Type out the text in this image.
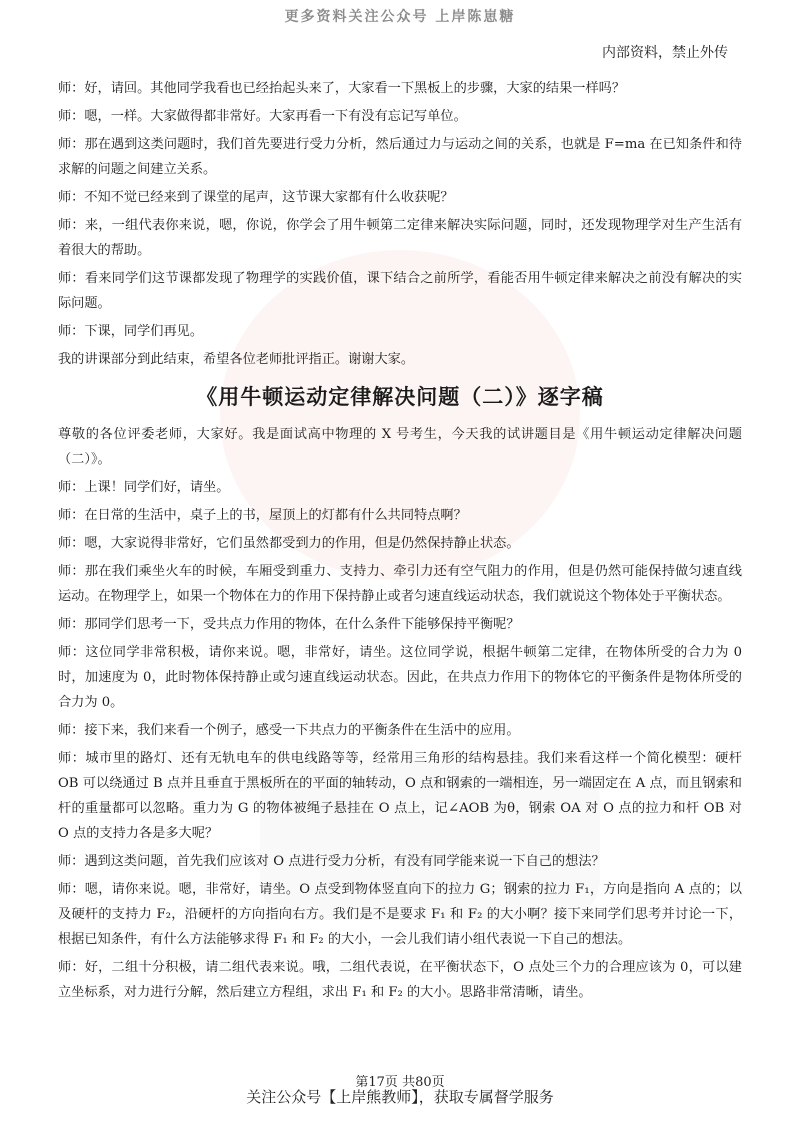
更多资料关注公众号 上岸陈崽糖
内部资料，禁止外传

师：好，请回。其他同学我看也已经抬起头来了，大家看一下黑板上的步骤，大家的结果一样吗？

师：嗯，一样。大家做得都非常好。大家再看一下有没有忘记写单位。

师：那在遇到这类问题时，我们首先要进行受力分析，然后通过力与运动之间的关系，也就是 F=ma 在已知条件和待求解的问题之间建立关系。

师：不知不觉已经来到了课堂的尾声，这节课大家都有什么收获呢？

师：来，一组代表你来说，嗯，你说，你学会了用牛顿第二定律来解决实际问题，同时，还发现物理学对生产生活有着很大的帮助。

师：看来同学们这节课都发现了物理学的实践价值，课下结合之前所学，看能否用牛顿定律来解决之前没有解决的实际问题。

师：下课，同学们再见。

我的讲课部分到此结束，希望各位老师批评指正。谢谢大家。

《用牛顿运动定律解决问题（二）》逐字稿

尊敬的各位评委老师，大家好。我是面试高中物理的 X 号考生，今天我的试讲题目是《用牛顿运动定律解决问题（二）》。

师：上课！同学们好，请坐。

师：在日常的生活中，桌子上的书，屋顶上的灯都有什么共同特点啊？

师：嗯，大家说得非常好，它们虽然都受到力的作用，但是仍然保持静止状态。

师：那在我们乘坐火车的时候，车厢受到重力、支持力、牵引力还有空气阻力的作用，但是仍然可能保持做匀速直线运动。在物理学上，如果一个物体在力的作用下保持静止或者匀速直线运动状态，我们就说这个物体处于平衡状态。

师：那同学们思考一下，受共点力作用的物体，在什么条件下能够保持平衡呢？

师：这位同学非常积极，请你来说。嗯，非常好，请坐。这位同学说，根据牛顿第二定律，在物体所受的合力为 0 时，加速度为 0，此时物体保持静止或匀速直线运动状态。因此，在共点力作用下的物体它的平衡条件是物体所受的合力为 0。

师：接下来，我们来看一个例子，感受一下共点力的平衡条件在生活中的应用。

师：城市里的路灯、还有无轨电车的供电线路等等，经常用三角形的结构悬挂。我们来看这样一个简化模型：硬杆 OB 可以绕通过 B 点并且垂直于黑板所在的平面的轴转动，O 点和钢索的一端相连，另一端固定在 A 点，而且钢索和杆的重量都可以忽略。重力为 G 的物体被绳子悬挂在 O 点上，记∠AOB 为θ，钢索 OA 对 O 点的拉力和杆 OB 对 O 点的支持力各是多大呢？

师：遇到这类问题，首先我们应该对 O 点进行受力分析，有没有同学能来说一下自己的想法？

师：嗯，请你来说。嗯，非常好，请坐。O 点受到物体竖直向下的拉力 G；钢索的拉力 F₁，方向是指向 A 点的；以及硬杆的支持力 F₂，沿硬杆的方向指向右方。我们是不是要求 F₁ 和 F₂ 的大小啊？接下来同学们思考并讨论一下，根据已知条件，有什么方法能够求得 F₁ 和 F₂ 的大小，一会儿我们请小组代表说一下自己的想法。

师：好，二组十分积极，请二组代表来说。哦，二组代表说，在平衡状态下，O 点处三个力的合理应该为 0，可以建立坐标系，对力进行分解，然后建立方程组，求出 F₁ 和 F₂ 的大小。思路非常清晰，请坐。

第17页 共80页
关注公众号【上岸熊教师】，获取专属督学服务
